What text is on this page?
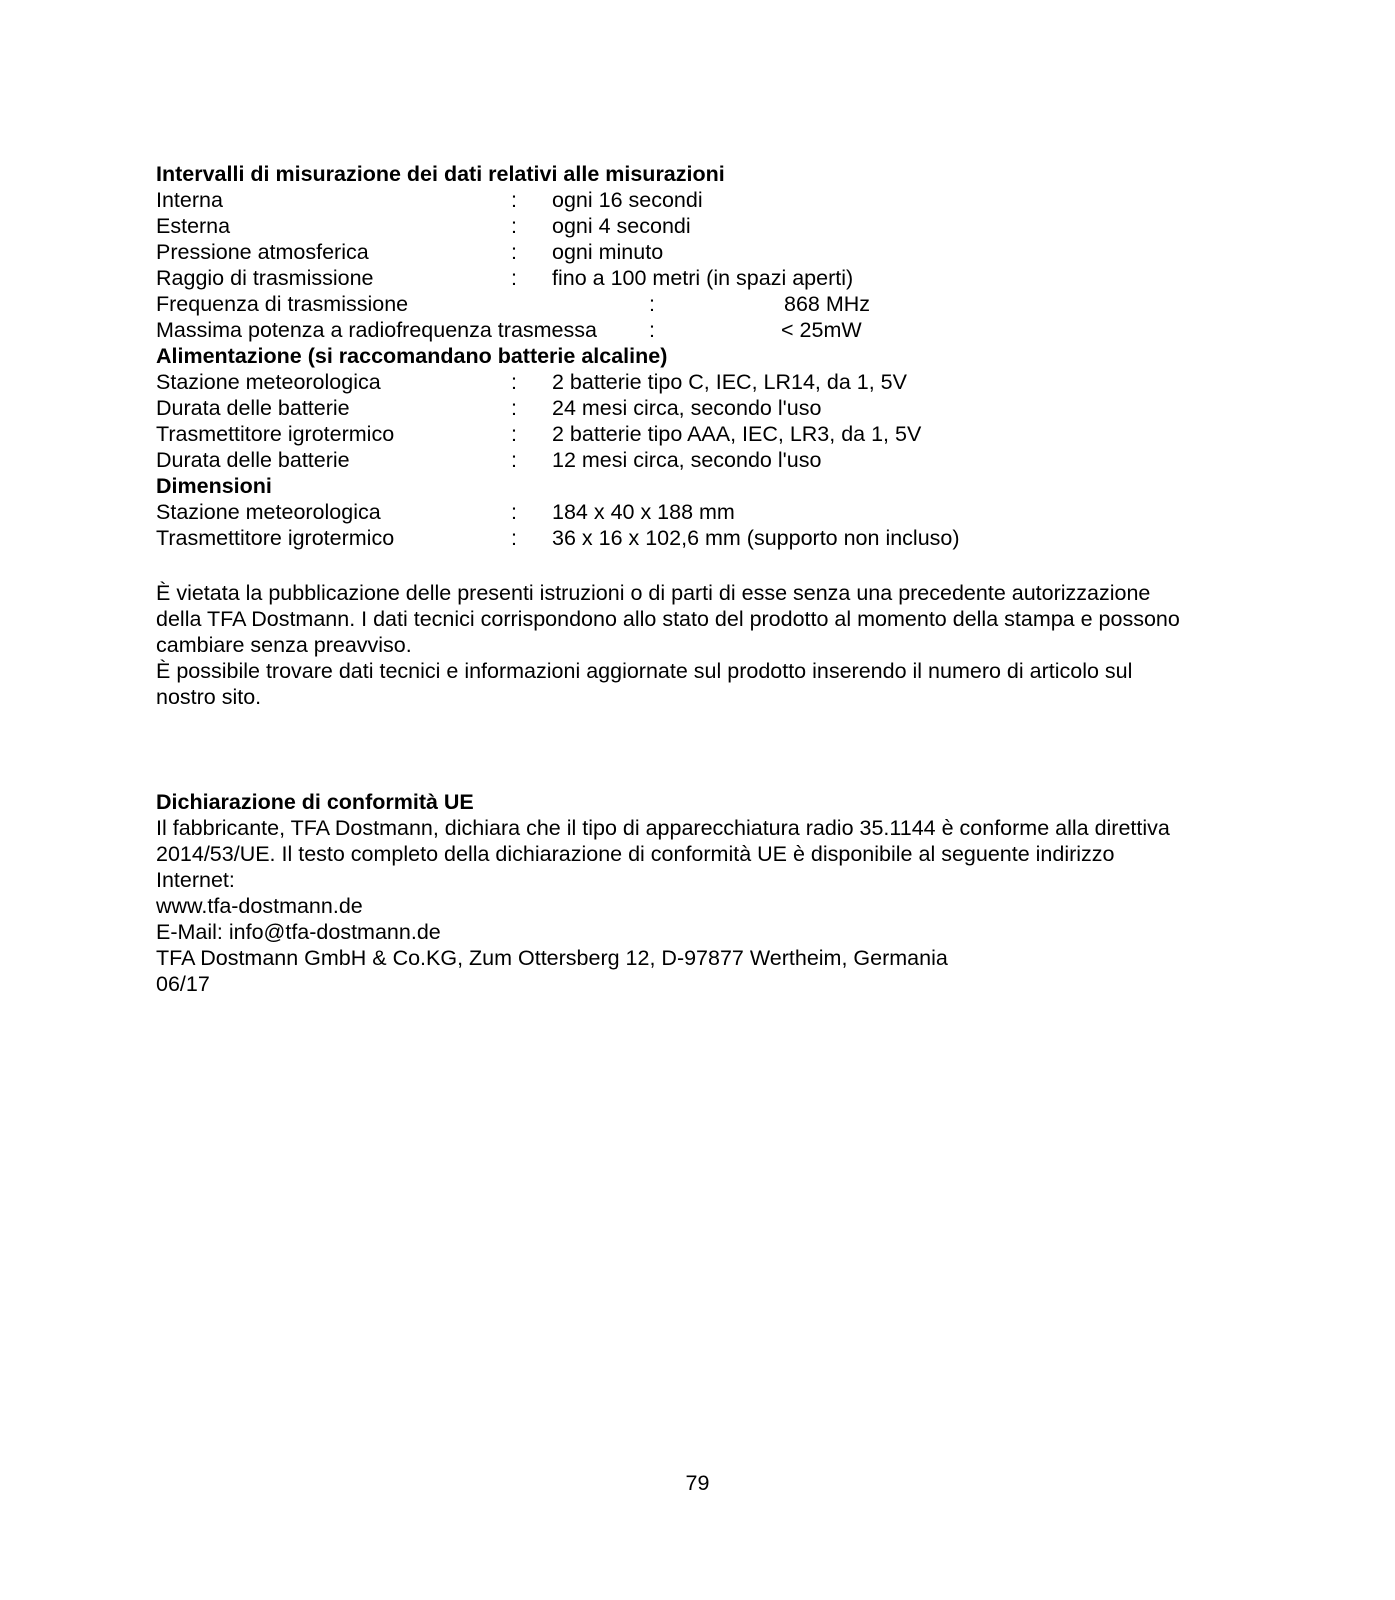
Intervalli di misurazione dei dati relativi alle misurazioni
Interna	: ogni 16 secondi
Esterna	: ogni 4 secondi
Pressione atmosferica	: ogni minuto
Raggio di trasmissione	: fino a 100 metri (in spazi aperti)
Frequenza di trasmissione	:	868 MHz
Massima potenza a radiofrequenza trasmessa :	< 25mW
Alimentazione (si raccomandano batterie alcaline)
Stazione meteorologica	: 2 batterie tipo C, IEC, LR14, da 1, 5V
Durata delle batterie	: 24 mesi circa, secondo l'uso
Trasmettitore igrotermico	: 2 batterie tipo AAA, IEC, LR3, da 1, 5V
Durata delle batterie	: 12 mesi circa, secondo l'uso
Dimensioni
Stazione meteorologica	: 184 x 40 x 188 mm
Trasmettitore igrotermico	: 36 x 16 x 102,6 mm (supporto non incluso)
È vietata la pubblicazione delle presenti istruzioni o di parti di esse senza una precedente autorizzazione
della TFA Dostmann. I dati tecnici corrispondono allo stato del prodotto al momento della stampa e possono
cambiare senza preavviso.
È possibile trovare dati tecnici e informazioni aggiornate sul prodotto inserendo il numero di articolo sul
nostro sito.
Dichiarazione di conformità UE
Il fabbricante, TFA Dostmann, dichiara che il tipo di apparecchiatura radio 35.1144 è conforme alla direttiva
2014/53/UE. Il testo completo della dichiarazione di conformità UE è disponibile al seguente indirizzo
Internet:
www.tfa-dostmann.de
E-Mail: info@tfa-dostmann.de
TFA Dostmann GmbH & Co.KG, Zum Ottersberg 12, D-97877 Wertheim, Germania
06/17
79
